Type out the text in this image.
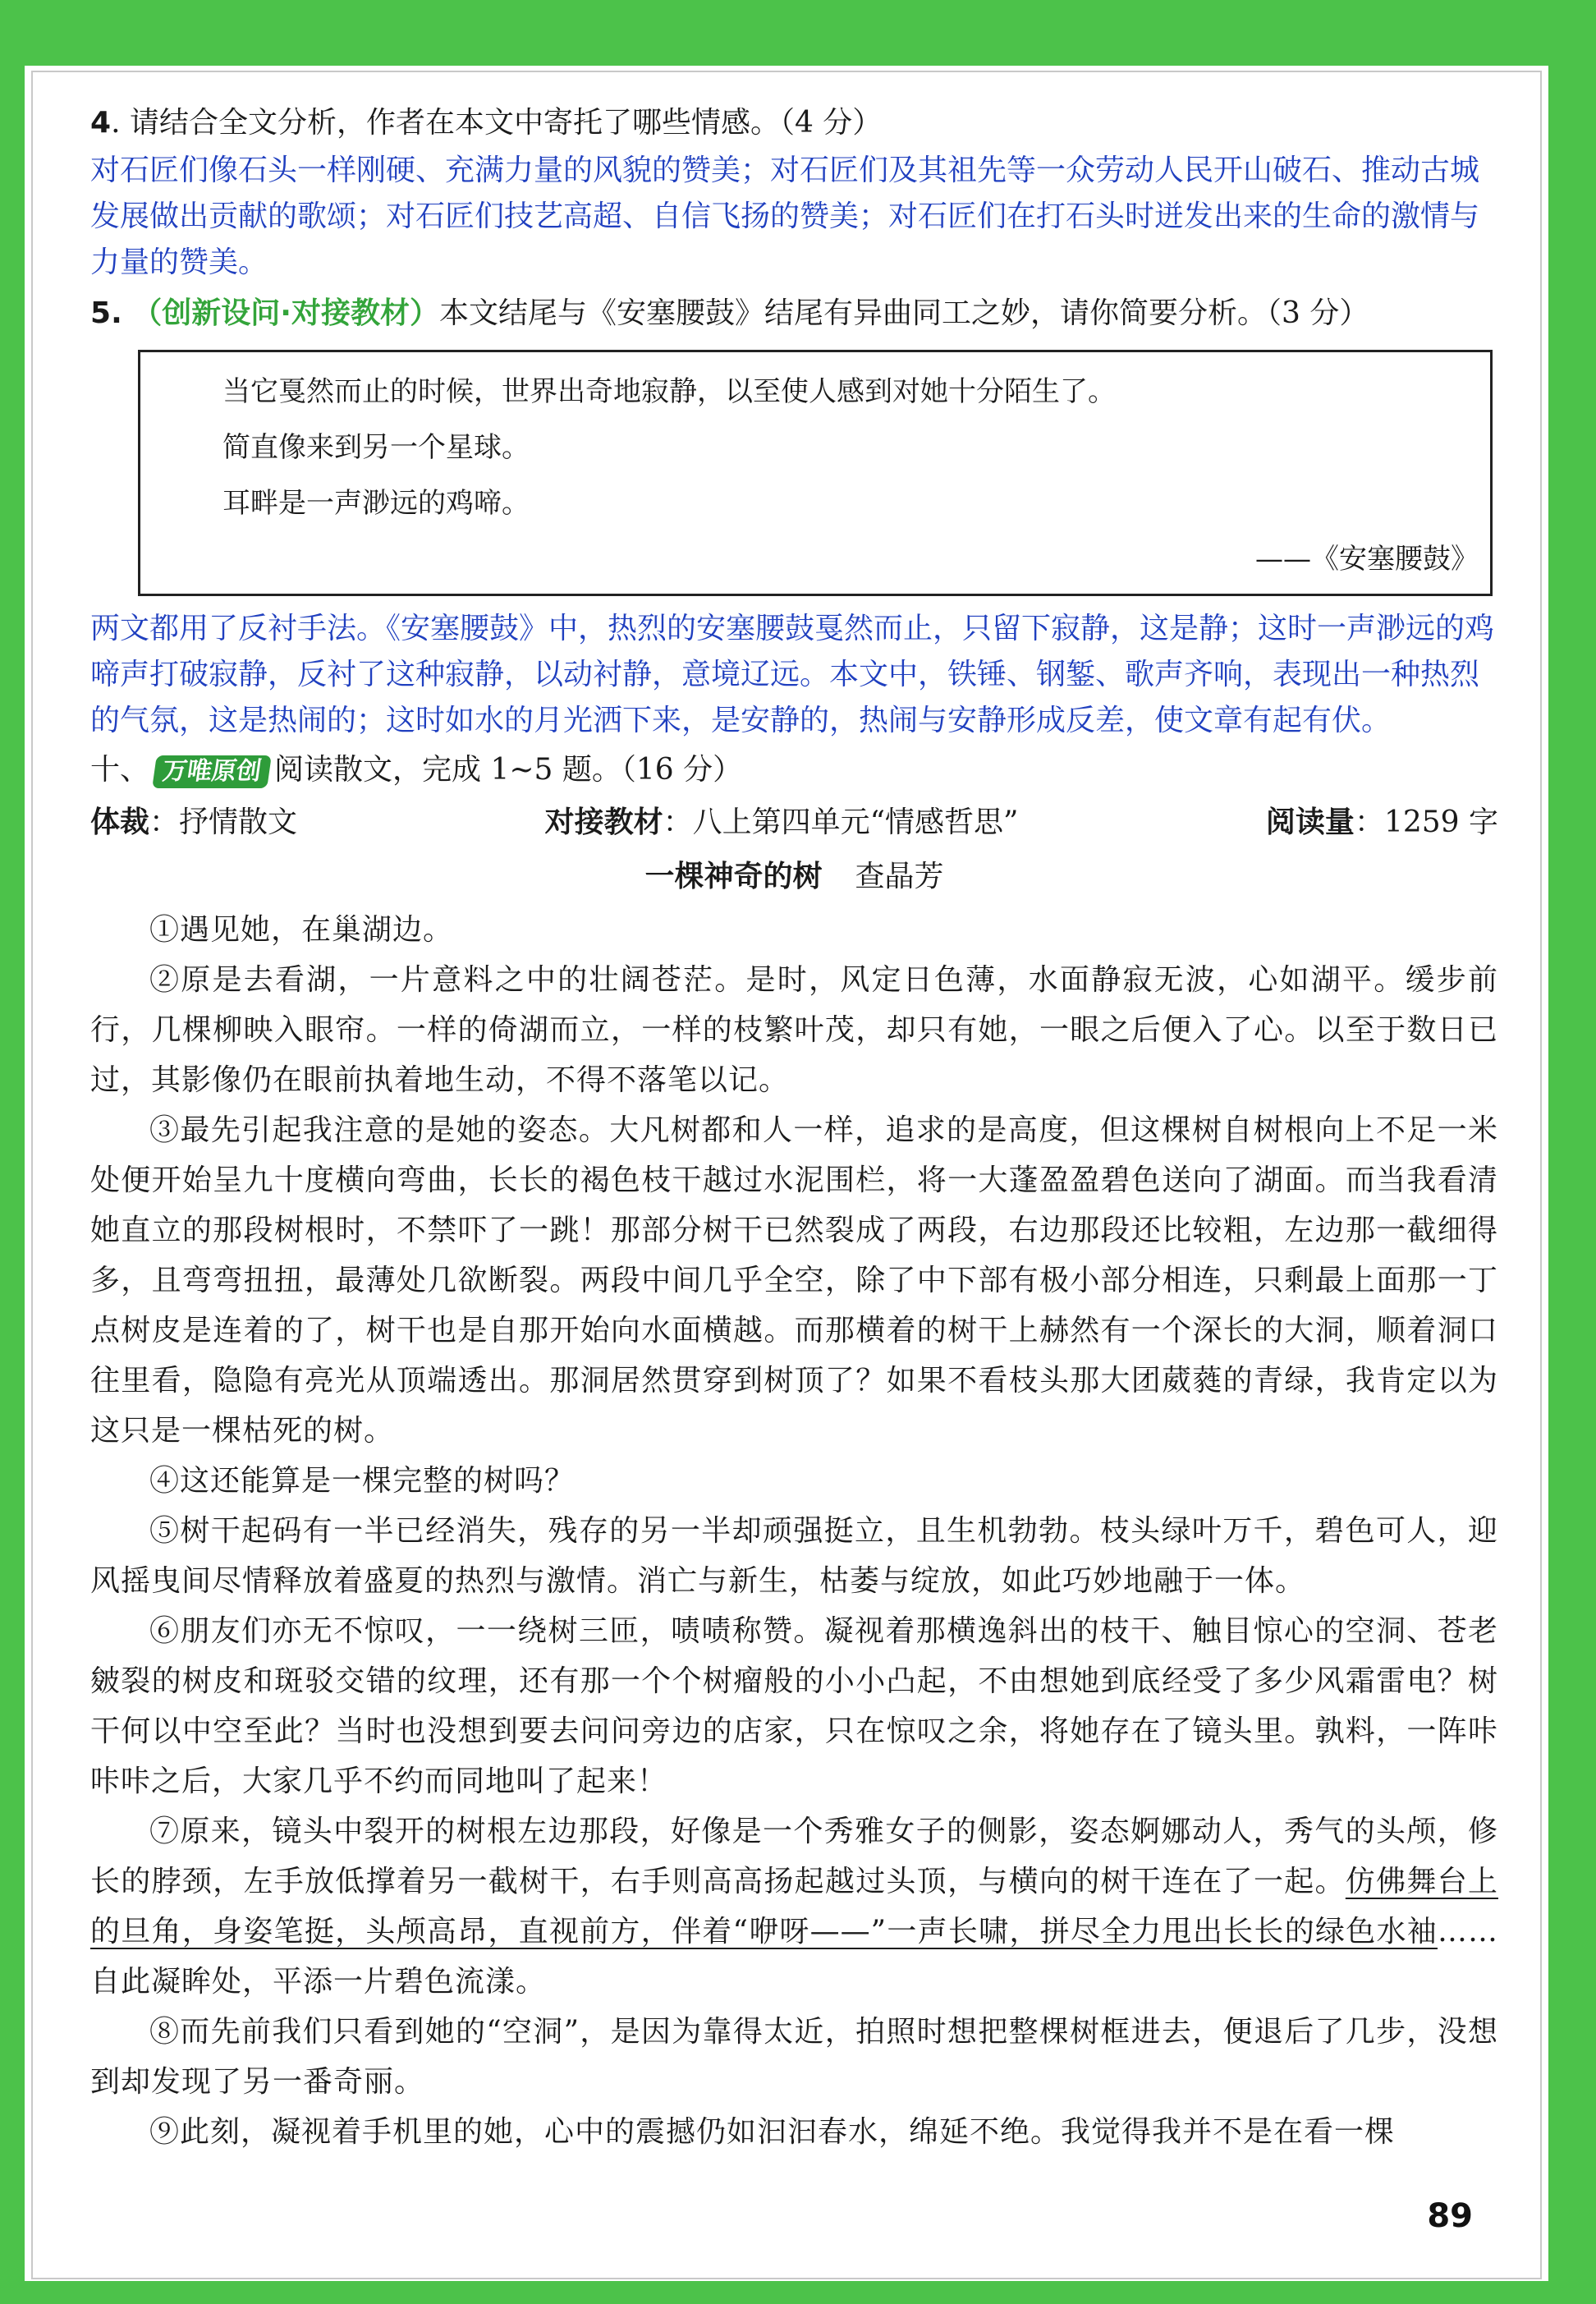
4. 请结合全文分析，作者在本文中寄托了哪些情感。（4 分）

对石匠们像石头一样刚硬、充满力量的风貌的赞美；对石匠们及其祖先等一众劳动人民开山破石、推动古城发展做出贡献的歌颂；对石匠们技艺高超、自信飞扬的赞美；对石匠们在打石头时迸发出来的生命的激情与力量的赞美。

5. （创新设问·对接教材）本文结尾与《安塞腰鼓》结尾有异曲同工之妙，请你简要分析。（3 分）

当它戛然而止的时候，世界出奇地寂静，以至使人感到对她十分陌生了。

简直像来到另一个星球。

耳畔是一声渺远的鸡啼。

——《安塞腰鼓》

两文都用了反衬手法。《安塞腰鼓》中，热烈的安塞腰鼓戛然而止，只留下寂静，这是静；这时一声渺远的鸡啼声打破寂静，反衬了这种寂静，以动衬静，意境辽远。本文中，铁锤、钢錾、歌声齐响，表现出一种热烈的气氛，这是热闹的；这时如水的月光洒下来，是安静的，热闹与安静形成反差，使文章有起有伏。

十、 万唯原创 阅读散文，完成 1~5 题。（16 分）

体裁：抒情散文	对接教材：八上第四单元“情感哲思”	阅读量：1259 字

一棵神奇的树 查晶芳

①遇见她，在巢湖边。

②原是去看湖，一片意料之中的壮阔苍茫。是时，风定日色薄，水面静寂无波，心如湖平。缓步前行，几棵柳映入眼帘。一样的倚湖而立，一样的枝繁叶茂，却只有她，一眼之后便入了心。以至于数日已过，其影像仍在眼前执着地生动，不得不落笔以记。

③最先引起我注意的是她的姿态。大凡树都和人一样，追求的是高度，但这棵树自树根向上不足一米处便开始呈九十度横向弯曲，长长的褐色枝干越过水泥围栏，将一大蓬盈盈碧色送向了湖面。而当我看清她直立的那段树根时，不禁吓了一跳！那部分树干已然裂成了两段，右边那段还比较粗，左边那一截细得多，且弯弯扭扭，最薄处几欲断裂。两段中间几乎全空，除了中下部有极小部分相连，只剩最上面那一丁点树皮是连着的了，树干也是自那开始向水面横越。而那横着的树干上赫然有一个深长的大洞，顺着洞口往里看，隐隐有亮光从顶端透出。那洞居然贯穿到树顶了？如果不看枝头那大团葳蕤的青绿，我肯定以为这只是一棵枯死的树。

④这还能算是一棵完整的树吗？

⑤树干起码有一半已经消失，残存的另一半却顽强挺立，且生机勃勃。枝头绿叶万千，碧色可人，迎风摇曳间尽情释放着盛夏的热烈与激情。消亡与新生，枯萎与绽放，如此巧妙地融于一体。

⑥朋友们亦无不惊叹，一一绕树三匝，啧啧称赞。凝视着那横逸斜出的枝干、触目惊心的空洞、苍老皴裂的树皮和斑驳交错的纹理，还有那一个个树瘤般的小小凸起，不由想她到底经受了多少风霜雷电？树干何以中空至此？当时也没想到要去问问旁边的店家，只在惊叹之余，将她存在了镜头里。孰料，一阵咔咔咔之后，大家几乎不约而同地叫了起来！

⑦原来，镜头中裂开的树根左边那段，好像是一个秀雅女子的侧影，姿态婀娜动人，秀气的头颅，修长的脖颈，左手放低撑着另一截树干，右手则高高扬起越过头顶，与横向的树干连在了一起。仿佛舞台上的旦角，身姿笔挺，头颅高昂，直视前方，伴着“咿呀——”一声长啸，拼尽全力甩出长长的绿色水袖……自此凝眸处，平添一片碧色流漾。

⑧而先前我们只看到她的“空洞”，是因为靠得太近，拍照时想把整棵树框进去，便退后了几步，没想到却发现了另一番奇丽。

⑨此刻，凝视着手机里的她，心中的震撼仍如汩汩春水，绵延不绝。我觉得我并不是在看一棵

89
